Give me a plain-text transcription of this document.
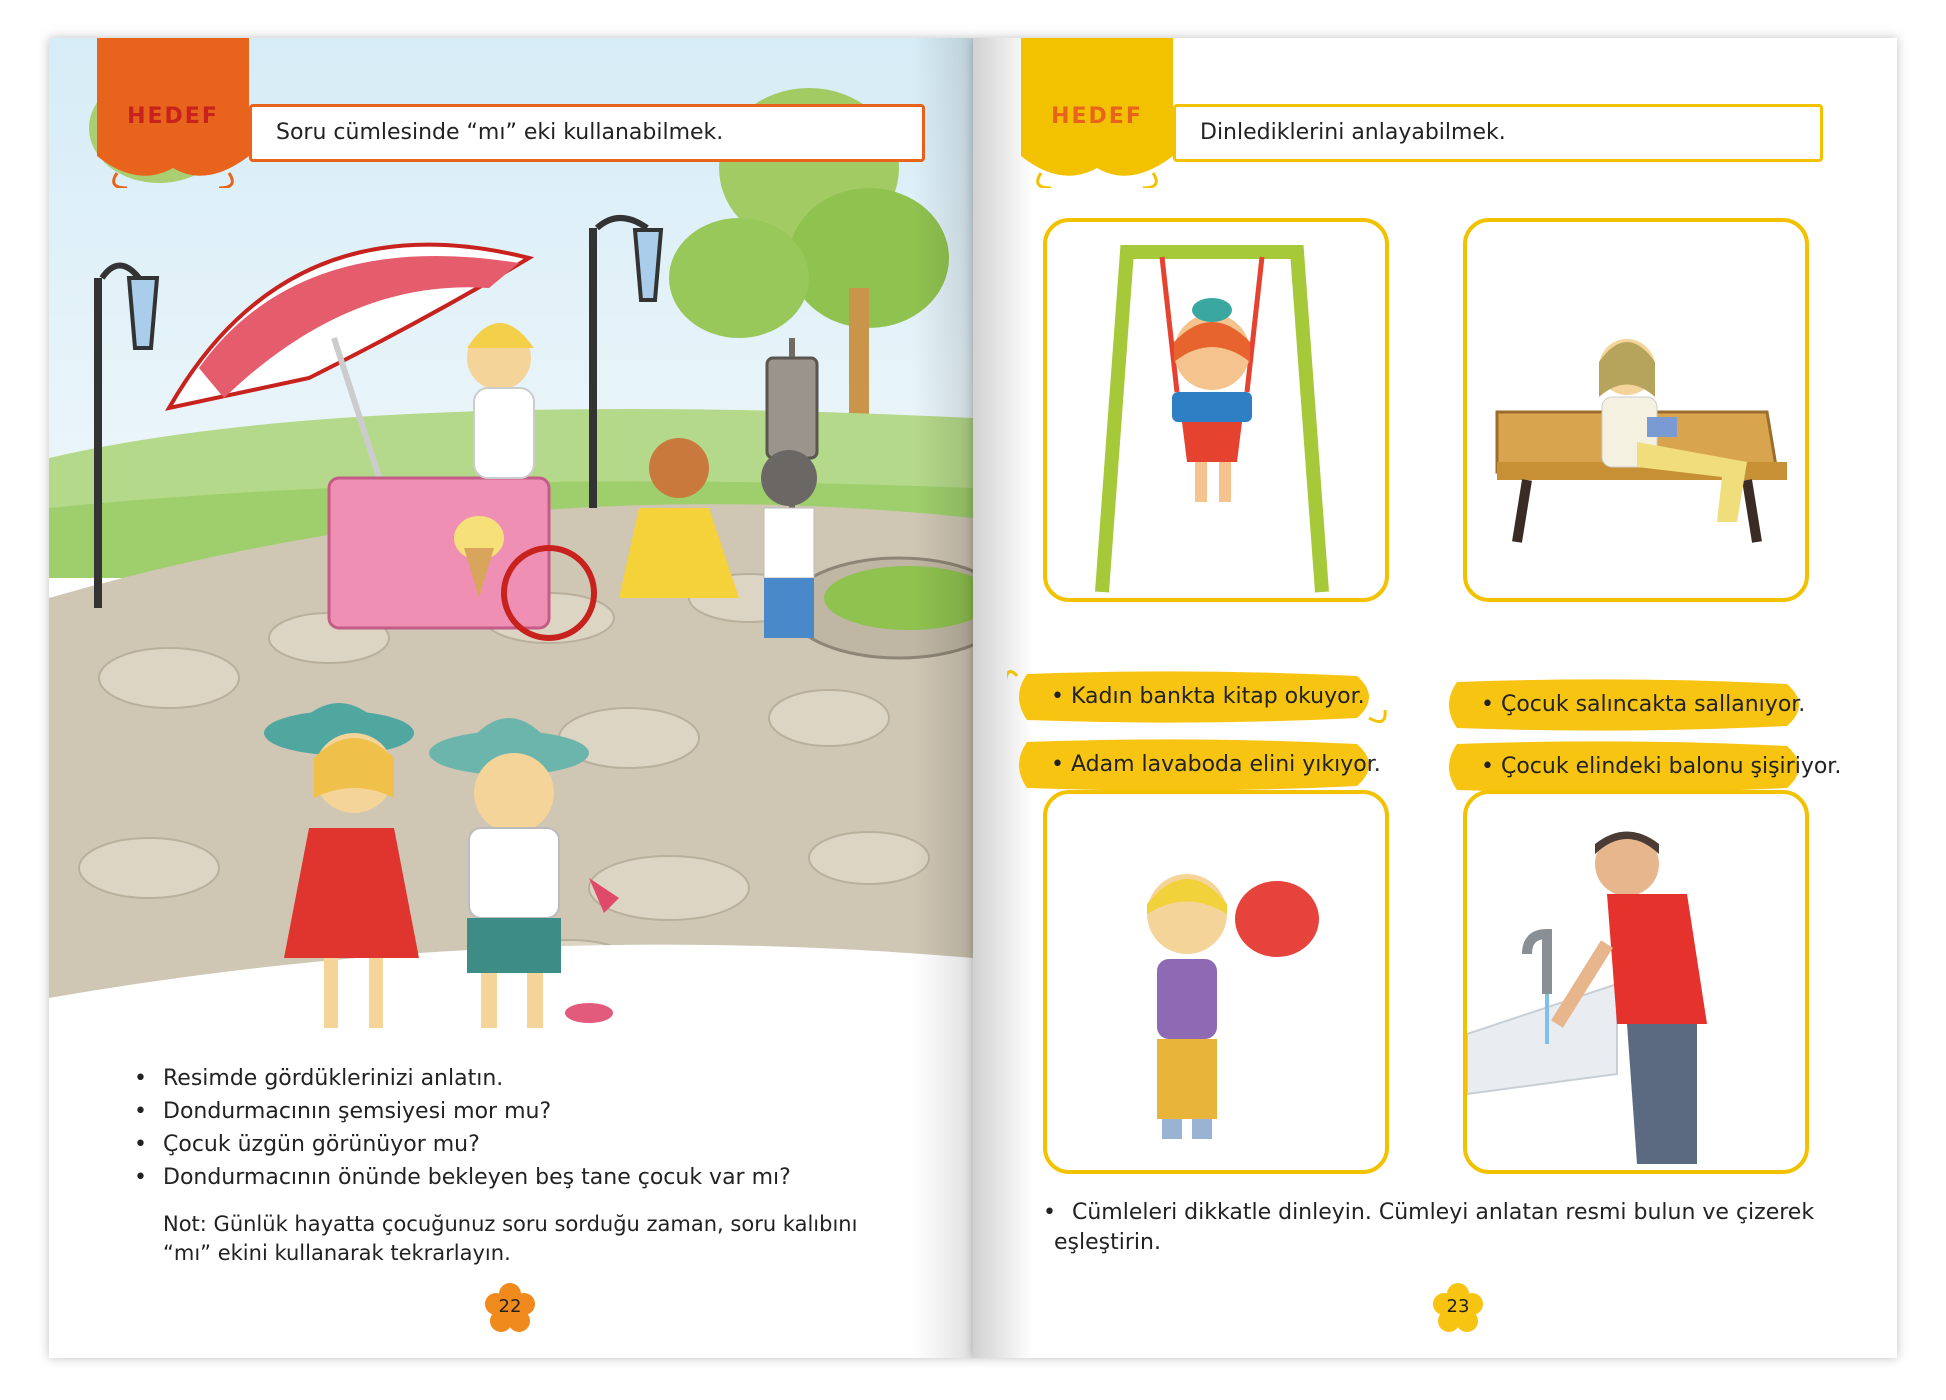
HEDEF
Soru cümlesinde “mı” eki kullanabilmek.
• Resimde gördüklerinizi anlatın.
• Dondurmacının şemsiyesi mor mu?
• Çocuk üzgün görünüyor mu?
• Dondurmacının önünde bekleyen beş tane çocuk var mı?
Not: Günlük hayatta çocuğunuz soru sorduğu zaman, soru kalıbını
“mı” ekini kullanarak tekrarlayın.
22
HEDEF
Dinlediklerini anlayabilmek.
• Kadın bankta kitap okuyor.	• Çocuk salıncakta sallanıyor.
• Adam lavaboda elini yıkıyor.	• Çocuk elindeki balonu şişiriyor.
• Cümleleri dikkatle dinleyin. Cümleyi anlatan resmi bulun ve çizerek
eşleştirin.
23
